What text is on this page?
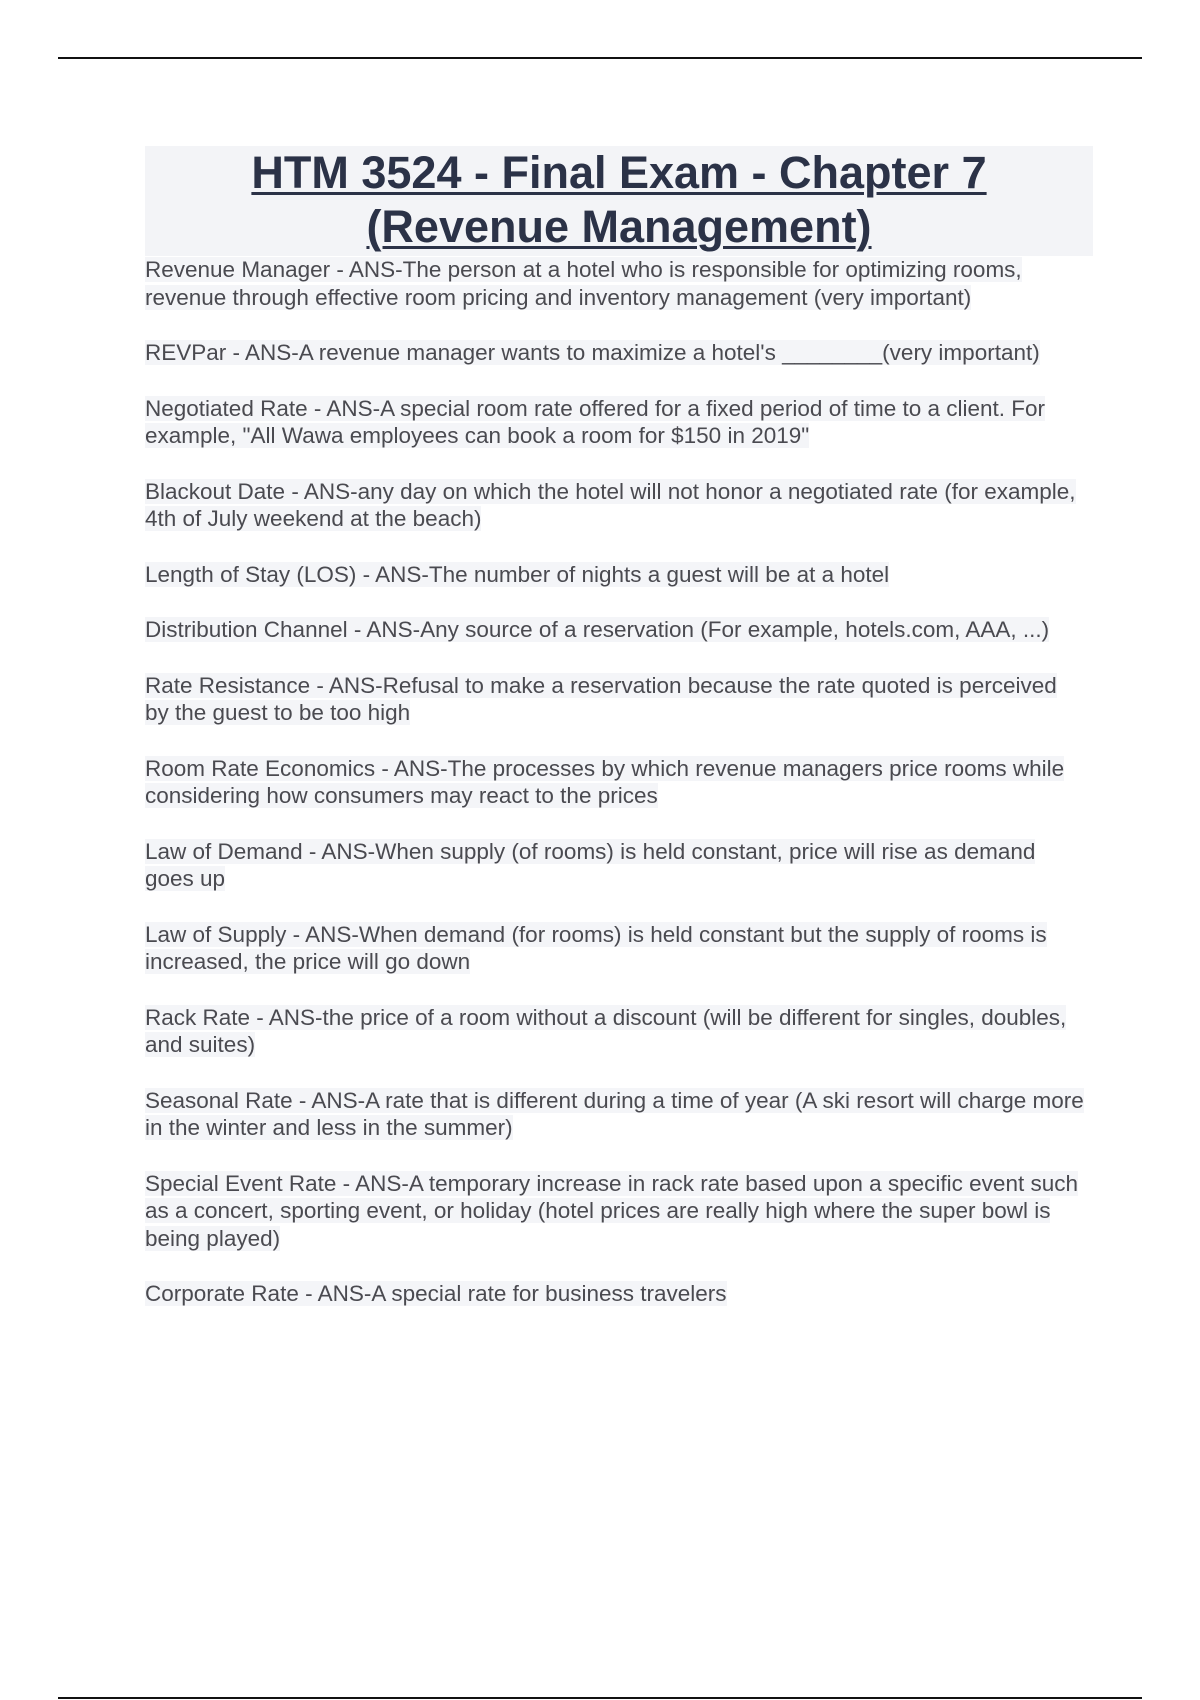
HTM 3524 - Final Exam - Chapter 7 (Revenue Management)

Revenue Manager - ANS-The person at a hotel who is responsible for optimizing rooms, revenue through effective room pricing and inventory management (very important)

REVPar - ANS-A revenue manager wants to maximize a hotel's ________(very important)

Negotiated Rate - ANS-A special room rate offered for a fixed period of time to a client. For example, "All Wawa employees can book a room for $150 in 2019"

Blackout Date - ANS-any day on which the hotel will not honor a negotiated rate (for example, 4th of July weekend at the beach)

Length of Stay (LOS) - ANS-The number of nights a guest will be at a hotel

Distribution Channel - ANS-Any source of a reservation (For example, hotels.com, AAA, ...)

Rate Resistance - ANS-Refusal to make a reservation because the rate quoted is perceived by the guest to be too high

Room Rate Economics - ANS-The processes by which revenue managers price rooms while considering how consumers may react to the prices

Law of Demand - ANS-When supply (of rooms) is held constant, price will rise as demand goes up

Law of Supply - ANS-When demand (for rooms) is held constant but the supply of rooms is increased, the price will go down

Rack Rate - ANS-the price of a room without a discount (will be different for singles, doubles, and suites)

Seasonal Rate - ANS-A rate that is different during a time of year (A ski resort will charge more in the winter and less in the summer)

Special Event Rate - ANS-A temporary increase in rack rate based upon a specific event such as a concert, sporting event, or holiday (hotel prices are really high where the super bowl is being played)

Corporate Rate - ANS-A special rate for business travelers
